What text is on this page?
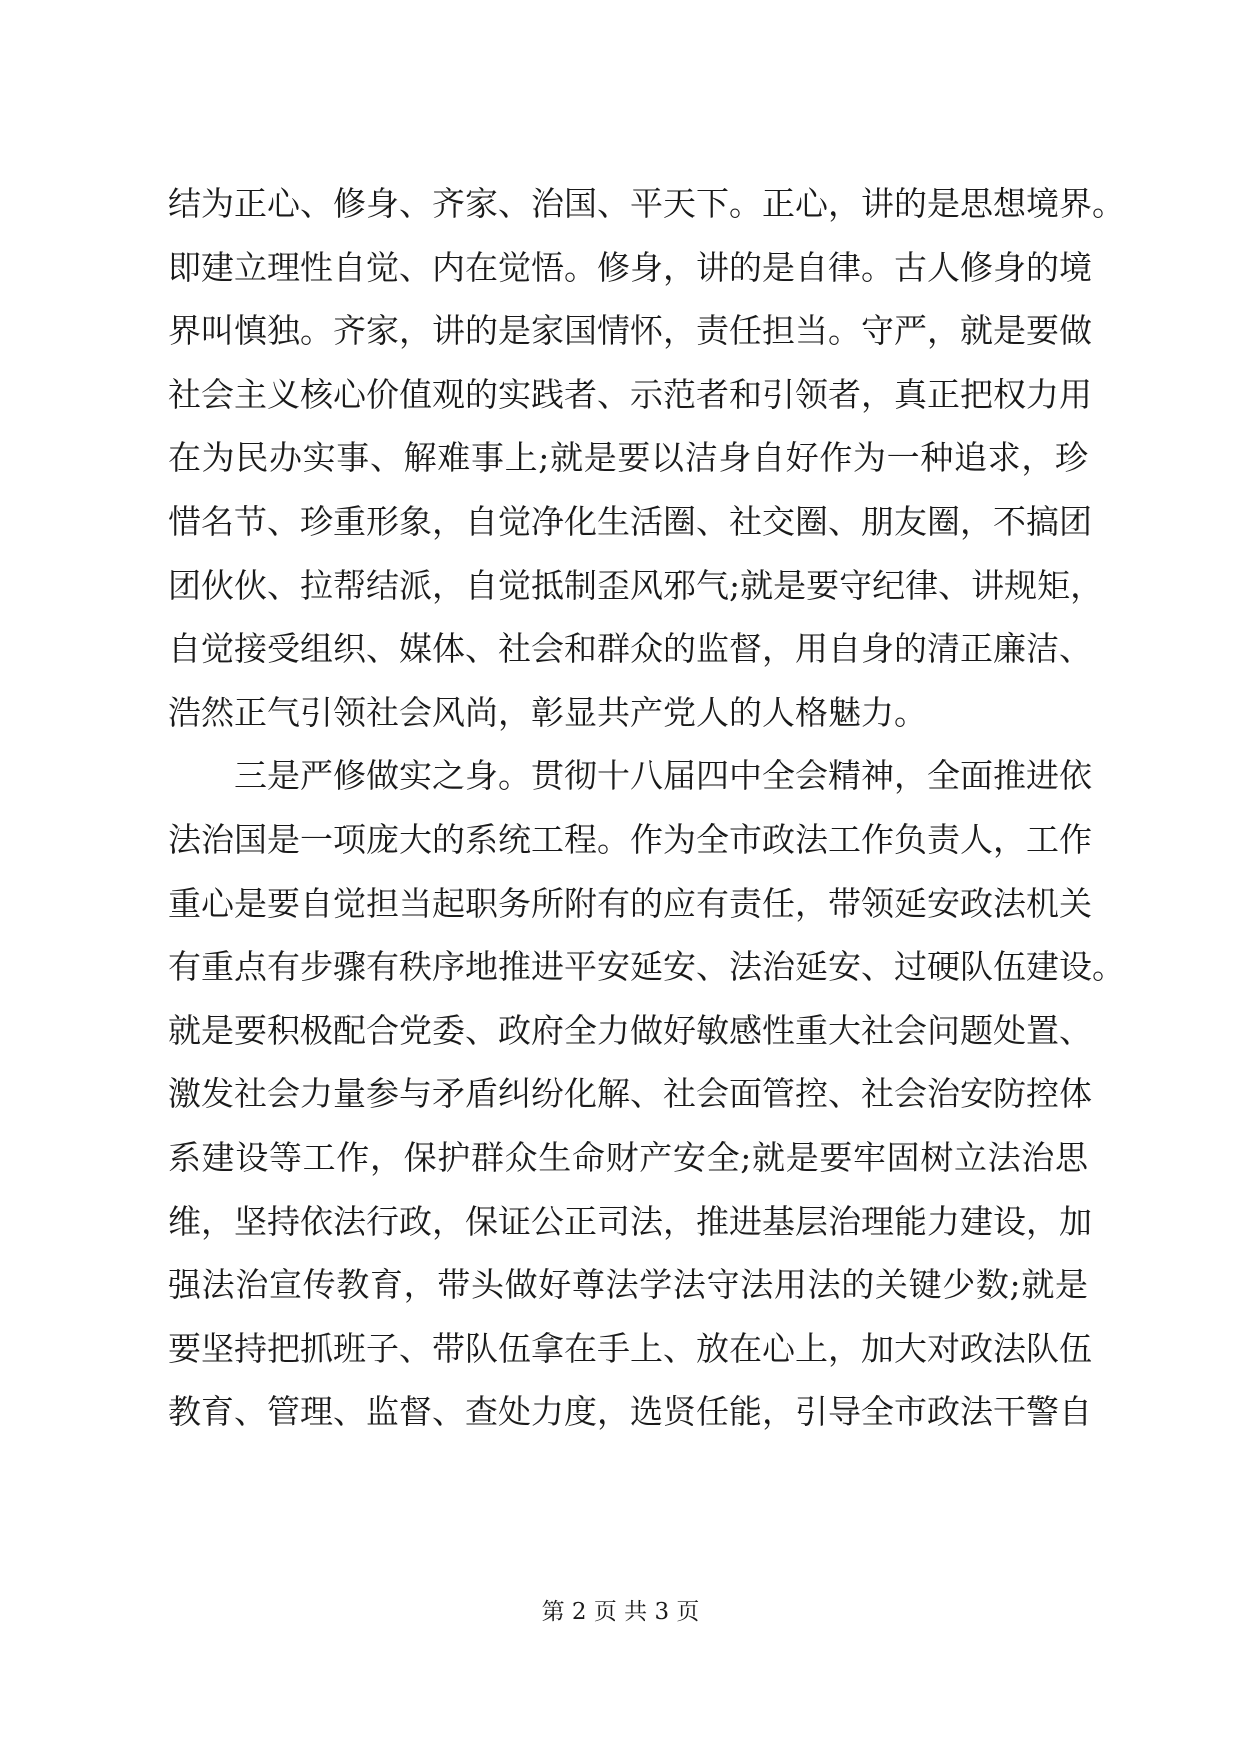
结为正心、修身、齐家、治国、平天下。正心，讲的是思想境界。
即建立理性自觉、内在觉悟。修身，讲的是自律。古人修身的境
界叫慎独。齐家，讲的是家国情怀，责任担当。守严，就是要做
社会主义核心价值观的实践者、示范者和引领者，真正把权力用
在为民办实事、解难事上;就是要以洁身自好作为一种追求，珍
惜名节、珍重形象，自觉净化生活圈、社交圈、朋友圈，不搞团
团伙伙、拉帮结派，自觉抵制歪风邪气;就是要守纪律、讲规矩，
自觉接受组织、媒体、社会和群众的监督，用自身的清正廉洁、
浩然正气引领社会风尚，彰显共产党人的人格魅力。
三是严修做实之身。贯彻十八届四中全会精神，全面推进依
法治国是一项庞大的系统工程。作为全市政法工作负责人，工作
重心是要自觉担当起职务所附有的应有责任，带领延安政法机关
有重点有步骤有秩序地推进平安延安、法治延安、过硬队伍建设。
就是要积极配合党委、政府全力做好敏感性重大社会问题处置、
激发社会力量参与矛盾纠纷化解、社会面管控、社会治安防控体
系建设等工作，保护群众生命财产安全;就是要牢固树立法治思
维，坚持依法行政，保证公正司法，推进基层治理能力建设，加
强法治宣传教育，带头做好尊法学法守法用法的关键少数;就是
要坚持把抓班子、带队伍拿在手上、放在心上，加大对政法队伍
教育、管理、监督、查处力度，选贤任能，引导全市政法干警自
第 2 页 共 3 页
